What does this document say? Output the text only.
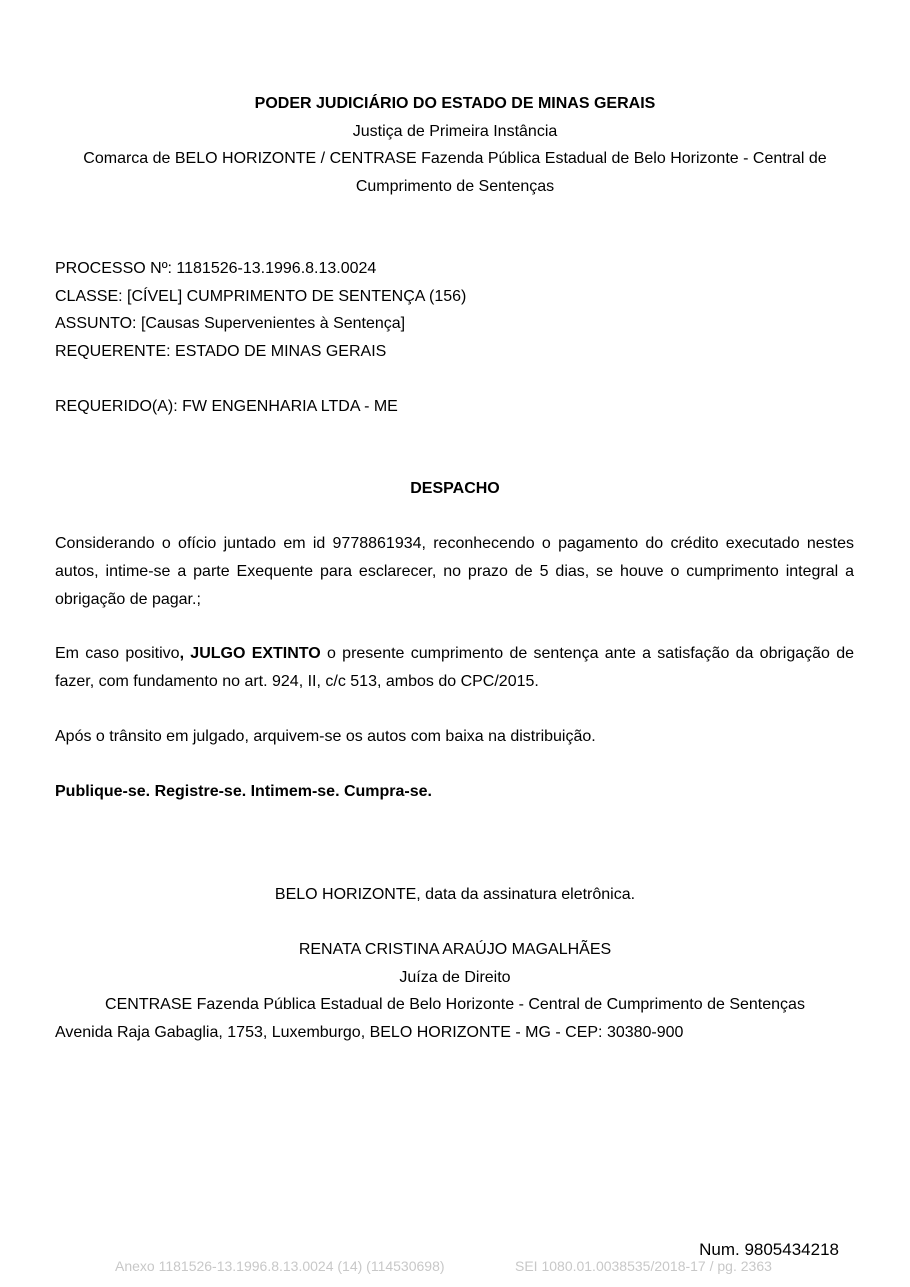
PODER JUDICIÁRIO DO ESTADO DE MINAS GERAIS
Justiça de Primeira Instância
Comarca de BELO HORIZONTE / CENTRASE Fazenda Pública Estadual de Belo Horizonte - Central de
Cumprimento de Sentenças
PROCESSO Nº: 1181526-13.1996.8.13.0024
CLASSE: [CÍVEL] CUMPRIMENTO DE SENTENÇA (156)
ASSUNTO: [Causas Supervenientes à Sentença]
REQUERENTE: ESTADO DE MINAS GERAIS
REQUERIDO(A): FW ENGENHARIA LTDA - ME
DESPACHO

Considerando o ofício juntado em id 9778861934, reconhecendo o pagamento do crédito executado nestes autos, intime-se a parte Exequente para esclarecer, no prazo de 5 dias, se houve o cumprimento integral a obrigação de pagar.;

Em caso positivo, JULGO EXTINTO o presente cumprimento de sentença ante a satisfação da obrigação de fazer, com fundamento no art. 924, II, c/c 513, ambos do CPC/2015.

Após o trânsito em julgado, arquivem-se os autos com baixa na distribuição.
Publique-se. Registre-se. Intimem-se. Cumpra-se.
BELO HORIZONTE, data da assinatura eletrônica.
RENATA CRISTINA ARAÚJO MAGALHÃES
Juíza de Direito
CENTRASE Fazenda Pública Estadual de Belo Horizonte - Central de Cumprimento de Sentenças
Avenida Raja Gabaglia, 1753, Luxemburgo, BELO HORIZONTE - MG - CEP: 30380-900
Num. 9805434218
Anexo 1181526-13.1996.8.13.0024 (14) (114530698)	SEI 1080.01.0038535/2018-17 / pg. 2363
